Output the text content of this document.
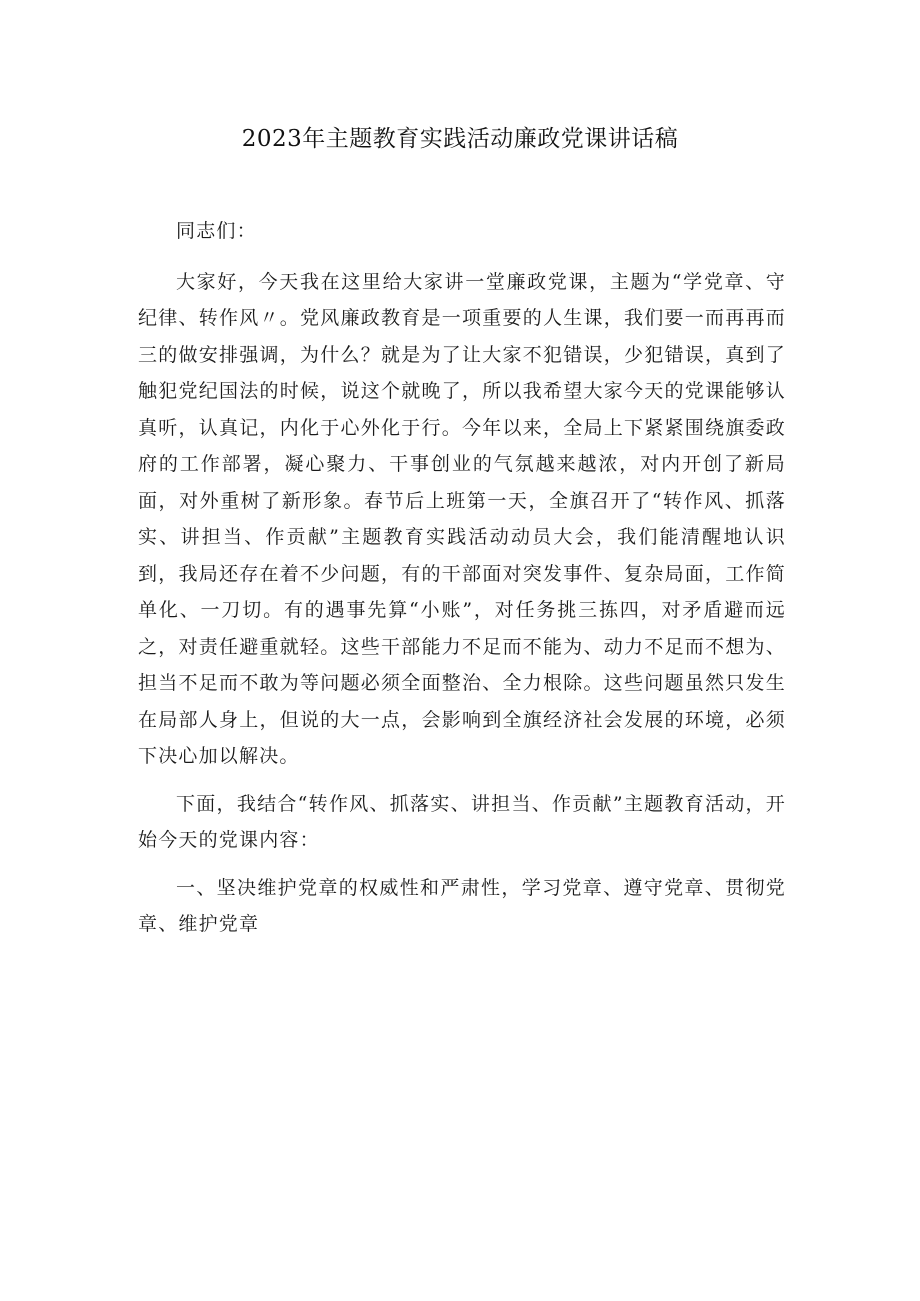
2023年主题教育实践活动廉政党课讲话稿

同志们：

大家好，今天我在这里给大家讲一堂廉政党课，主题为“学党章、守纪律、转作风〃。党风廉政教育是一项重要的人生课，我们要一而再再而三的做安排强调，为什么？就是为了让大家不犯错误，少犯错误，真到了触犯党纪国法的时候，说这个就晚了，所以我希望大家今天的党课能够认真听，认真记，内化于心外化于行。今年以来，全局上下紧紧围绕旗委政府的工作部署，凝心聚力、干事创业的气氛越来越浓，对内开创了新局面，对外重树了新形象。春节后上班第一天，全旗召开了“转作风、抓落实、讲担当、作贡献”主题教育实践活动动员大会，我们能清醒地认识到，我局还存在着不少问题，有的干部面对突发事件、复杂局面，工作简单化、一刀切。有的遇事先算“小账”，对任务挑三拣四，对矛盾避而远之，对责任避重就轻。这些干部能力不足而不能为、动力不足而不想为、担当不足而不敢为等问题必须全面整治、全力根除。这些问题虽然只发生在局部人身上，但说的大一点，会影响到全旗经济社会发展的环境，必须下决心加以解决。

下面，我结合“转作风、抓落实、讲担当、作贡献”主题教育活动，开始今天的党课内容：

一、坚决维护党章的权威性和严肃性，学习党章、遵守党章、贯彻党章、维护党章
